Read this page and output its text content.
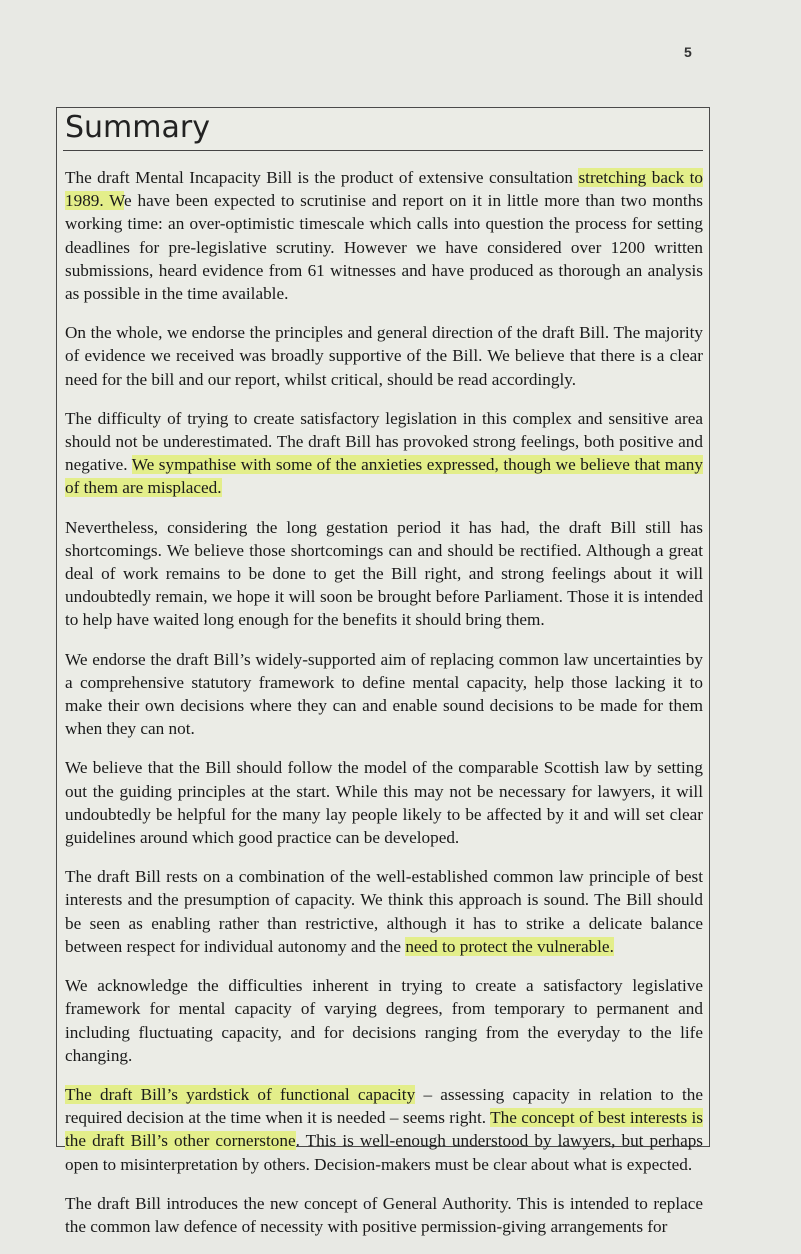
5
Summary

The draft Mental Incapacity Bill is the product of extensive consultation stretching back to 1989. We have been expected to scrutinise and report on it in little more than two months working time: an over-optimistic timescale which calls into question the process for setting deadlines for pre-legislative scrutiny. However we have considered over 1200 written submissions, heard evidence from 61 witnesses and have produced as thorough an analysis as possible in the time available.

On the whole, we endorse the principles and general direction of the draft Bill. The majority of evidence we received was broadly supportive of the Bill. We believe that there is a clear need for the bill and our report, whilst critical, should be read accordingly.

The difficulty of trying to create satisfactory legislation in this complex and sensitive area should not be underestimated. The draft Bill has provoked strong feelings, both positive and negative. We sympathise with some of the anxieties expressed, though we believe that many of them are misplaced.

Nevertheless, considering the long gestation period it has had, the draft Bill still has shortcomings. We believe those shortcomings can and should be rectified. Although a great deal of work remains to be done to get the Bill right, and strong feelings about it will undoubtedly remain, we hope it will soon be brought before Parliament. Those it is intended to help have waited long enough for the benefits it should bring them.

We endorse the draft Bill’s widely-supported aim of replacing common law uncertainties by a comprehensive statutory framework to define mental capacity, help those lacking it to make their own decisions where they can and enable sound decisions to be made for them when they can not.

We believe that the Bill should follow the model of the comparable Scottish law by setting out the guiding principles at the start. While this may not be necessary for lawyers, it will undoubtedly be helpful for the many lay people likely to be affected by it and will set clear guidelines around which good practice can be developed.

The draft Bill rests on a combination of the well-established common law principle of best interests and the presumption of capacity. We think this approach is sound. The Bill should be seen as enabling rather than restrictive, although it has to strike a delicate balance between respect for individual autonomy and the need to protect the vulnerable.

We acknowledge the difficulties inherent in trying to create a satisfactory legislative framework for mental capacity of varying degrees, from temporary to permanent and including fluctuating capacity, and for decisions ranging from the everyday to the life changing.

The draft Bill’s yardstick of functional capacity – assessing capacity in relation to the required decision at the time when it is needed – seems right. The concept of best interests is the draft Bill’s other cornerstone. This is well-enough understood by lawyers, but perhaps open to misinterpretation by others. Decision-makers must be clear about what is expected.

The draft Bill introduces the new concept of General Authority. This is intended to replace the common law defence of necessity with positive permission-giving arrangements for
